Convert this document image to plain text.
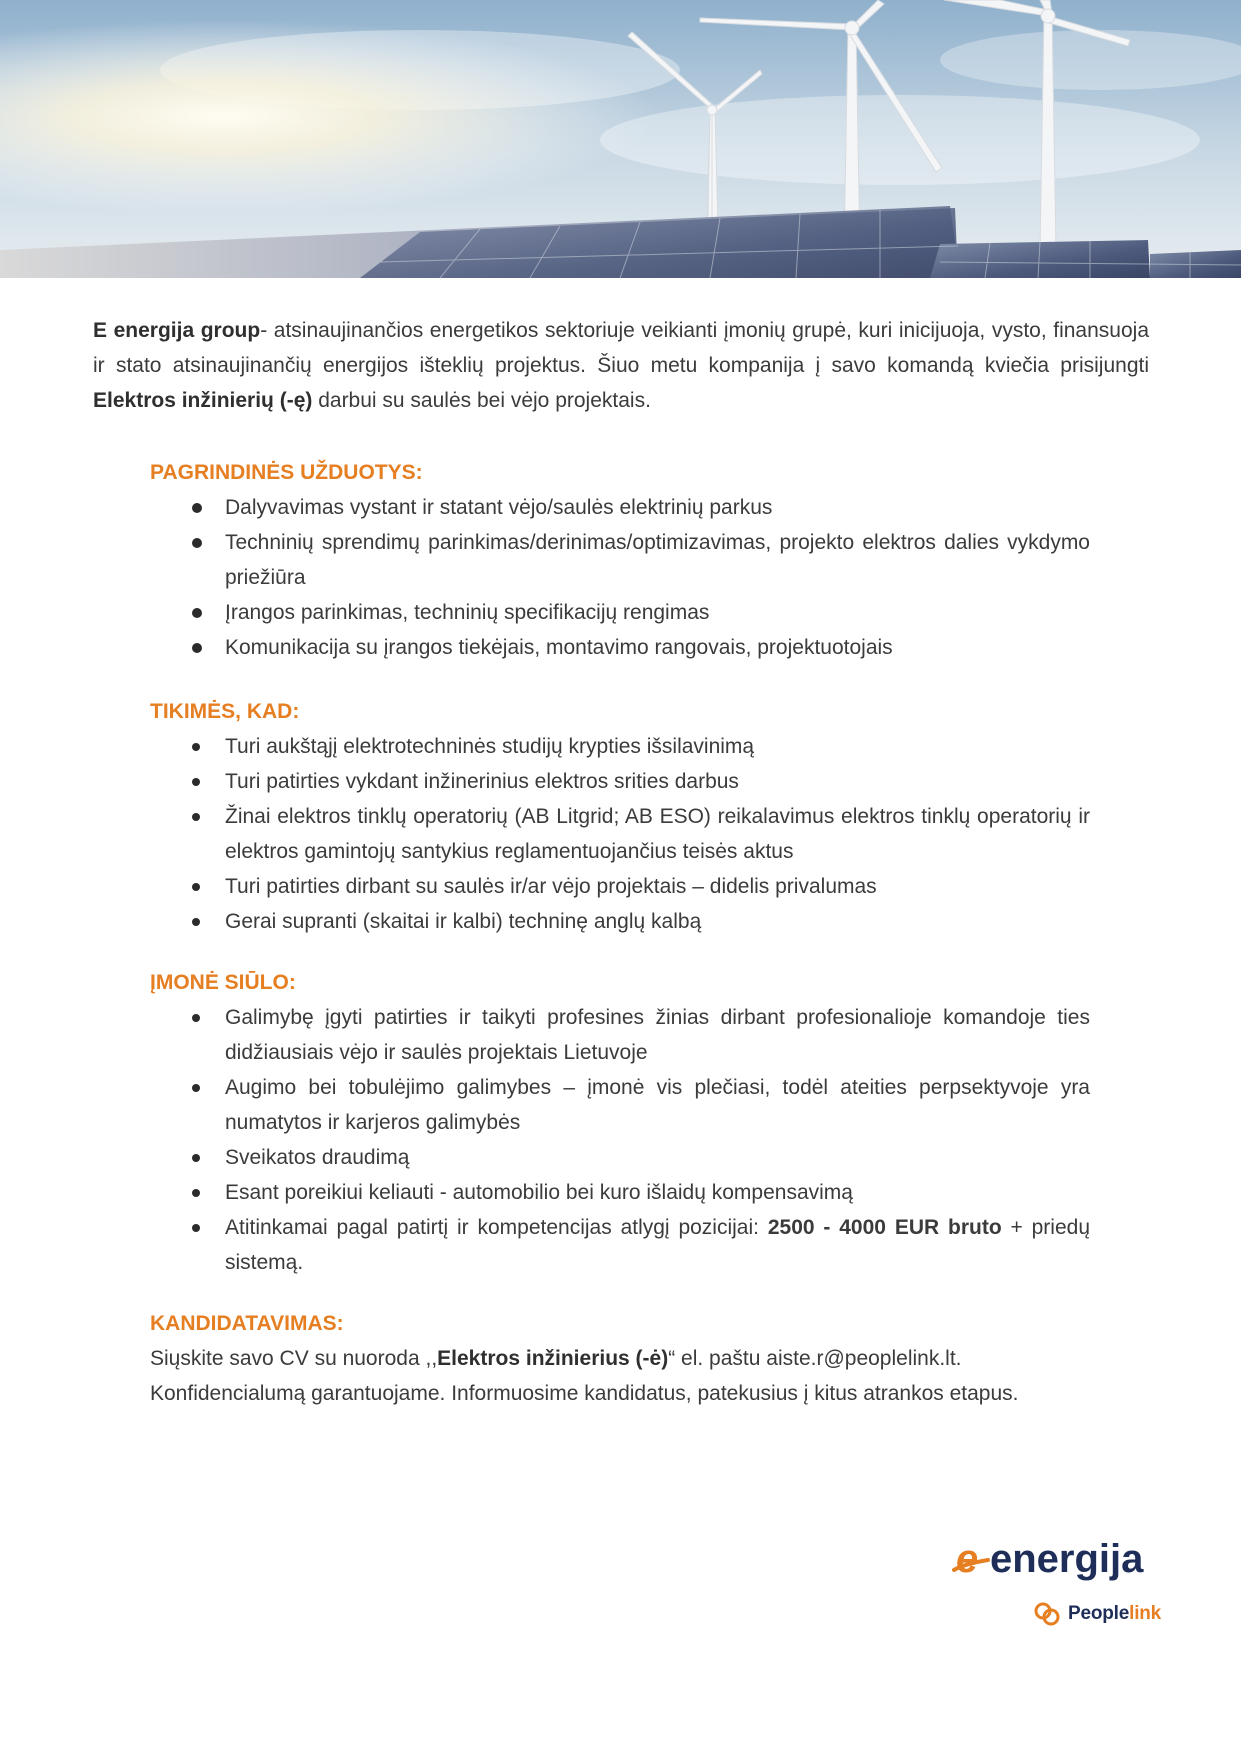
E energija group- atsinaujinančios energetikos sektoriuje veikianti įmonių grupė, kuri inicijuoja, vysto, finansuoja ir stato atsinaujinančių energijos išteklių projektus. Šiuo metu kompanija į savo komandą kviečia prisijungti Elektros inžinierių (-ę) darbui su saulės bei vėjo projektais.
PAGRINDINĖS UŽDUOTYS:
Dalyvavimas vystant ir statant vėjo/saulės elektrinių parkus
Techninių sprendimų parinkimas/derinimas/optimizavimas, projekto elektros dalies vykdymo priežiūra
Įrangos parinkimas, techninių specifikacijų rengimas
Komunikacija su įrangos tiekėjais, montavimo rangovais, projektuotojais
TIKIMĖS, KAD:
Turi aukštąjį elektrotechninės studijų krypties išsilavinimą
Turi patirties vykdant inžinerinius elektros srities darbus
Žinai elektros tinklų operatorių (AB Litgrid; AB ESO) reikalavimus elektros tinklų operatorių ir elektros gamintojų santykius reglamentuojančius teisės aktus
Turi patirties dirbant su saulės ir/ar vėjo projektais – didelis privalumas
Gerai supranti (skaitai ir kalbi) techninę anglų kalbą
ĮMONĖ SIŪLO:
Galimybę įgyti patirties ir taikyti profesines žinias dirbant profesionalioje komandoje ties didžiausiais vėjo ir saulės projektais Lietuvoje
Augimo bei tobulėjimo galimybes – įmonė vis plečiasi, todėl ateities perpsektyvoje yra numatytos ir karjeros galimybės
Sveikatos draudimą
Esant poreikiui keliauti - automobilio bei kuro išlaidų kompensavimą
Atitinkamai pagal patirtį ir kompetencijas atlygį pozicijai: 2500 - 4000 EUR bruto + priedų sistemą.
KANDIDATAVIMAS:

Siųskite savo CV su nuoroda ,,Elektros inžinierius (-ė)“ el. paštu aiste.r@peoplelink.lt.

Konfidencialumą garantuojame. Informuosime kandidatus, patekusius į kitus atrankos etapus.

e energija
Peoplelink
